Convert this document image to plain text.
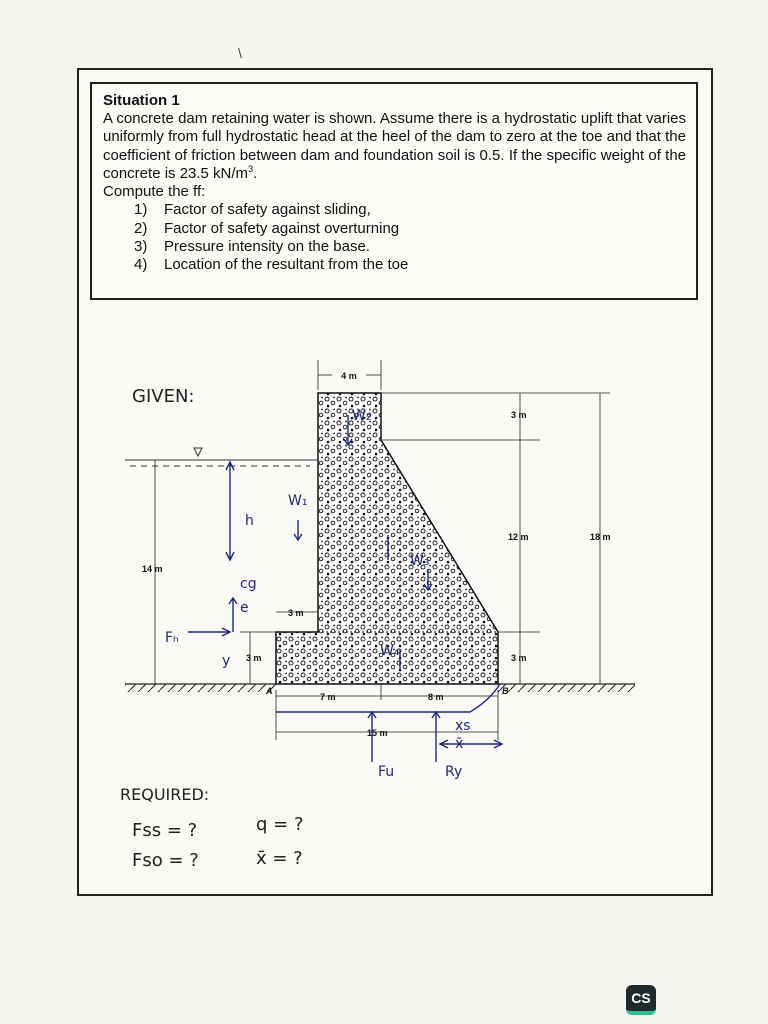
\
Situation 1

A concrete dam retaining water is shown. Assume there is a hydrostatic uplift that varies uniformly from full hydrostatic head at the heel of the dam to zero at the toe and that the coefficient of friction between dam and foundation soil is 0.5. If the specific weight of the concrete is 23.5 $kN/m^3$.

Compute the ff:
1) Factor of safety against sliding,
2) Factor of safety against overturning
3) Pressure intensity on the base.
4) Location of the resultant from the toe
GIVEN:
4 m
3 m
12 m
3 m
18 m
14 m
3 m
3 m
7 m	8 m
15 m
A	B
h
W₁
cg
e
y
Fₕ
W₂
W₃
W₄
Fu	Ry
xs
x̄
REQUIRED:
Fss = ?
Fso = ?
q = ?
x̄ = ?
CS
